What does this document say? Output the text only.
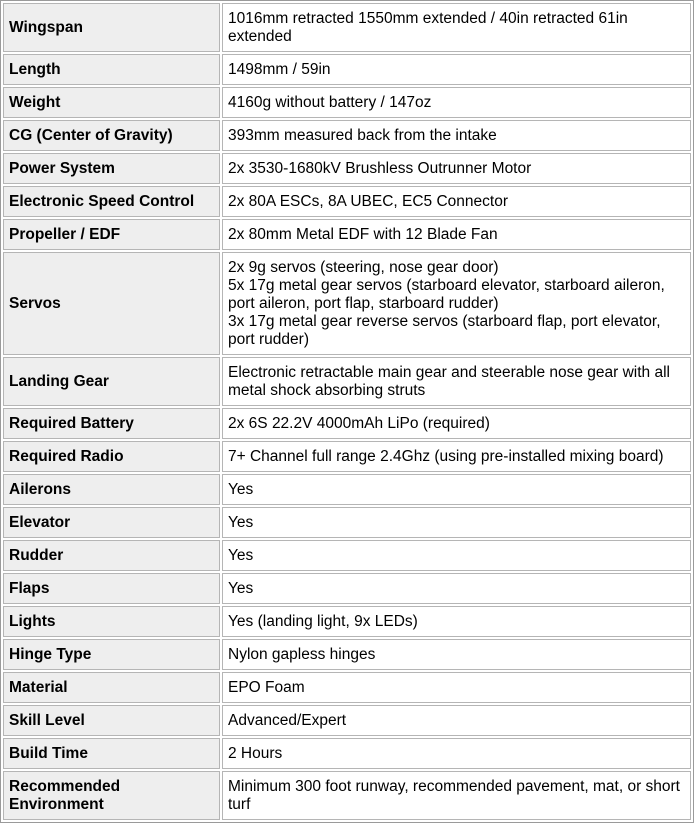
Wingspan	1016mm retracted 1550mm extended / 40in retracted 61in extended
Length	1498mm / 59in
Weight	4160g without battery / 147oz
CG (Center of Gravity)	393mm measured back from the intake
Power System	2x 3530-1680kV Brushless Outrunner Motor
Electronic Speed Control	2x 80A ESCs, 8A UBEC, EC5 Connector
Propeller / EDF	2x 80mm Metal EDF with 12 Blade Fan
Servos	2x 9g servos (steering, nose gear door)
5x 17g metal gear servos (starboard elevator, starboard aileron, port aileron, port flap, starboard rudder)
3x 17g metal gear reverse servos (starboard flap, port elevator, port rudder)
Landing Gear	Electronic retractable main gear and steerable nose gear with all metal shock absorbing struts
Required Battery	2x 6S 22.2V 4000mAh LiPo (required)
Required Radio	7+ Channel full range 2.4Ghz (using pre-installed mixing board)
Ailerons	Yes
Elevator	Yes
Rudder	Yes
Flaps	Yes
Lights	Yes (landing light, 9x LEDs)
Hinge Type	Nylon gapless hinges
Material	EPO Foam
Skill Level	Advanced/Expert
Build Time	2 Hours
Recommended Environment	Minimum 300 foot runway, recommended pavement, mat, or short turf
